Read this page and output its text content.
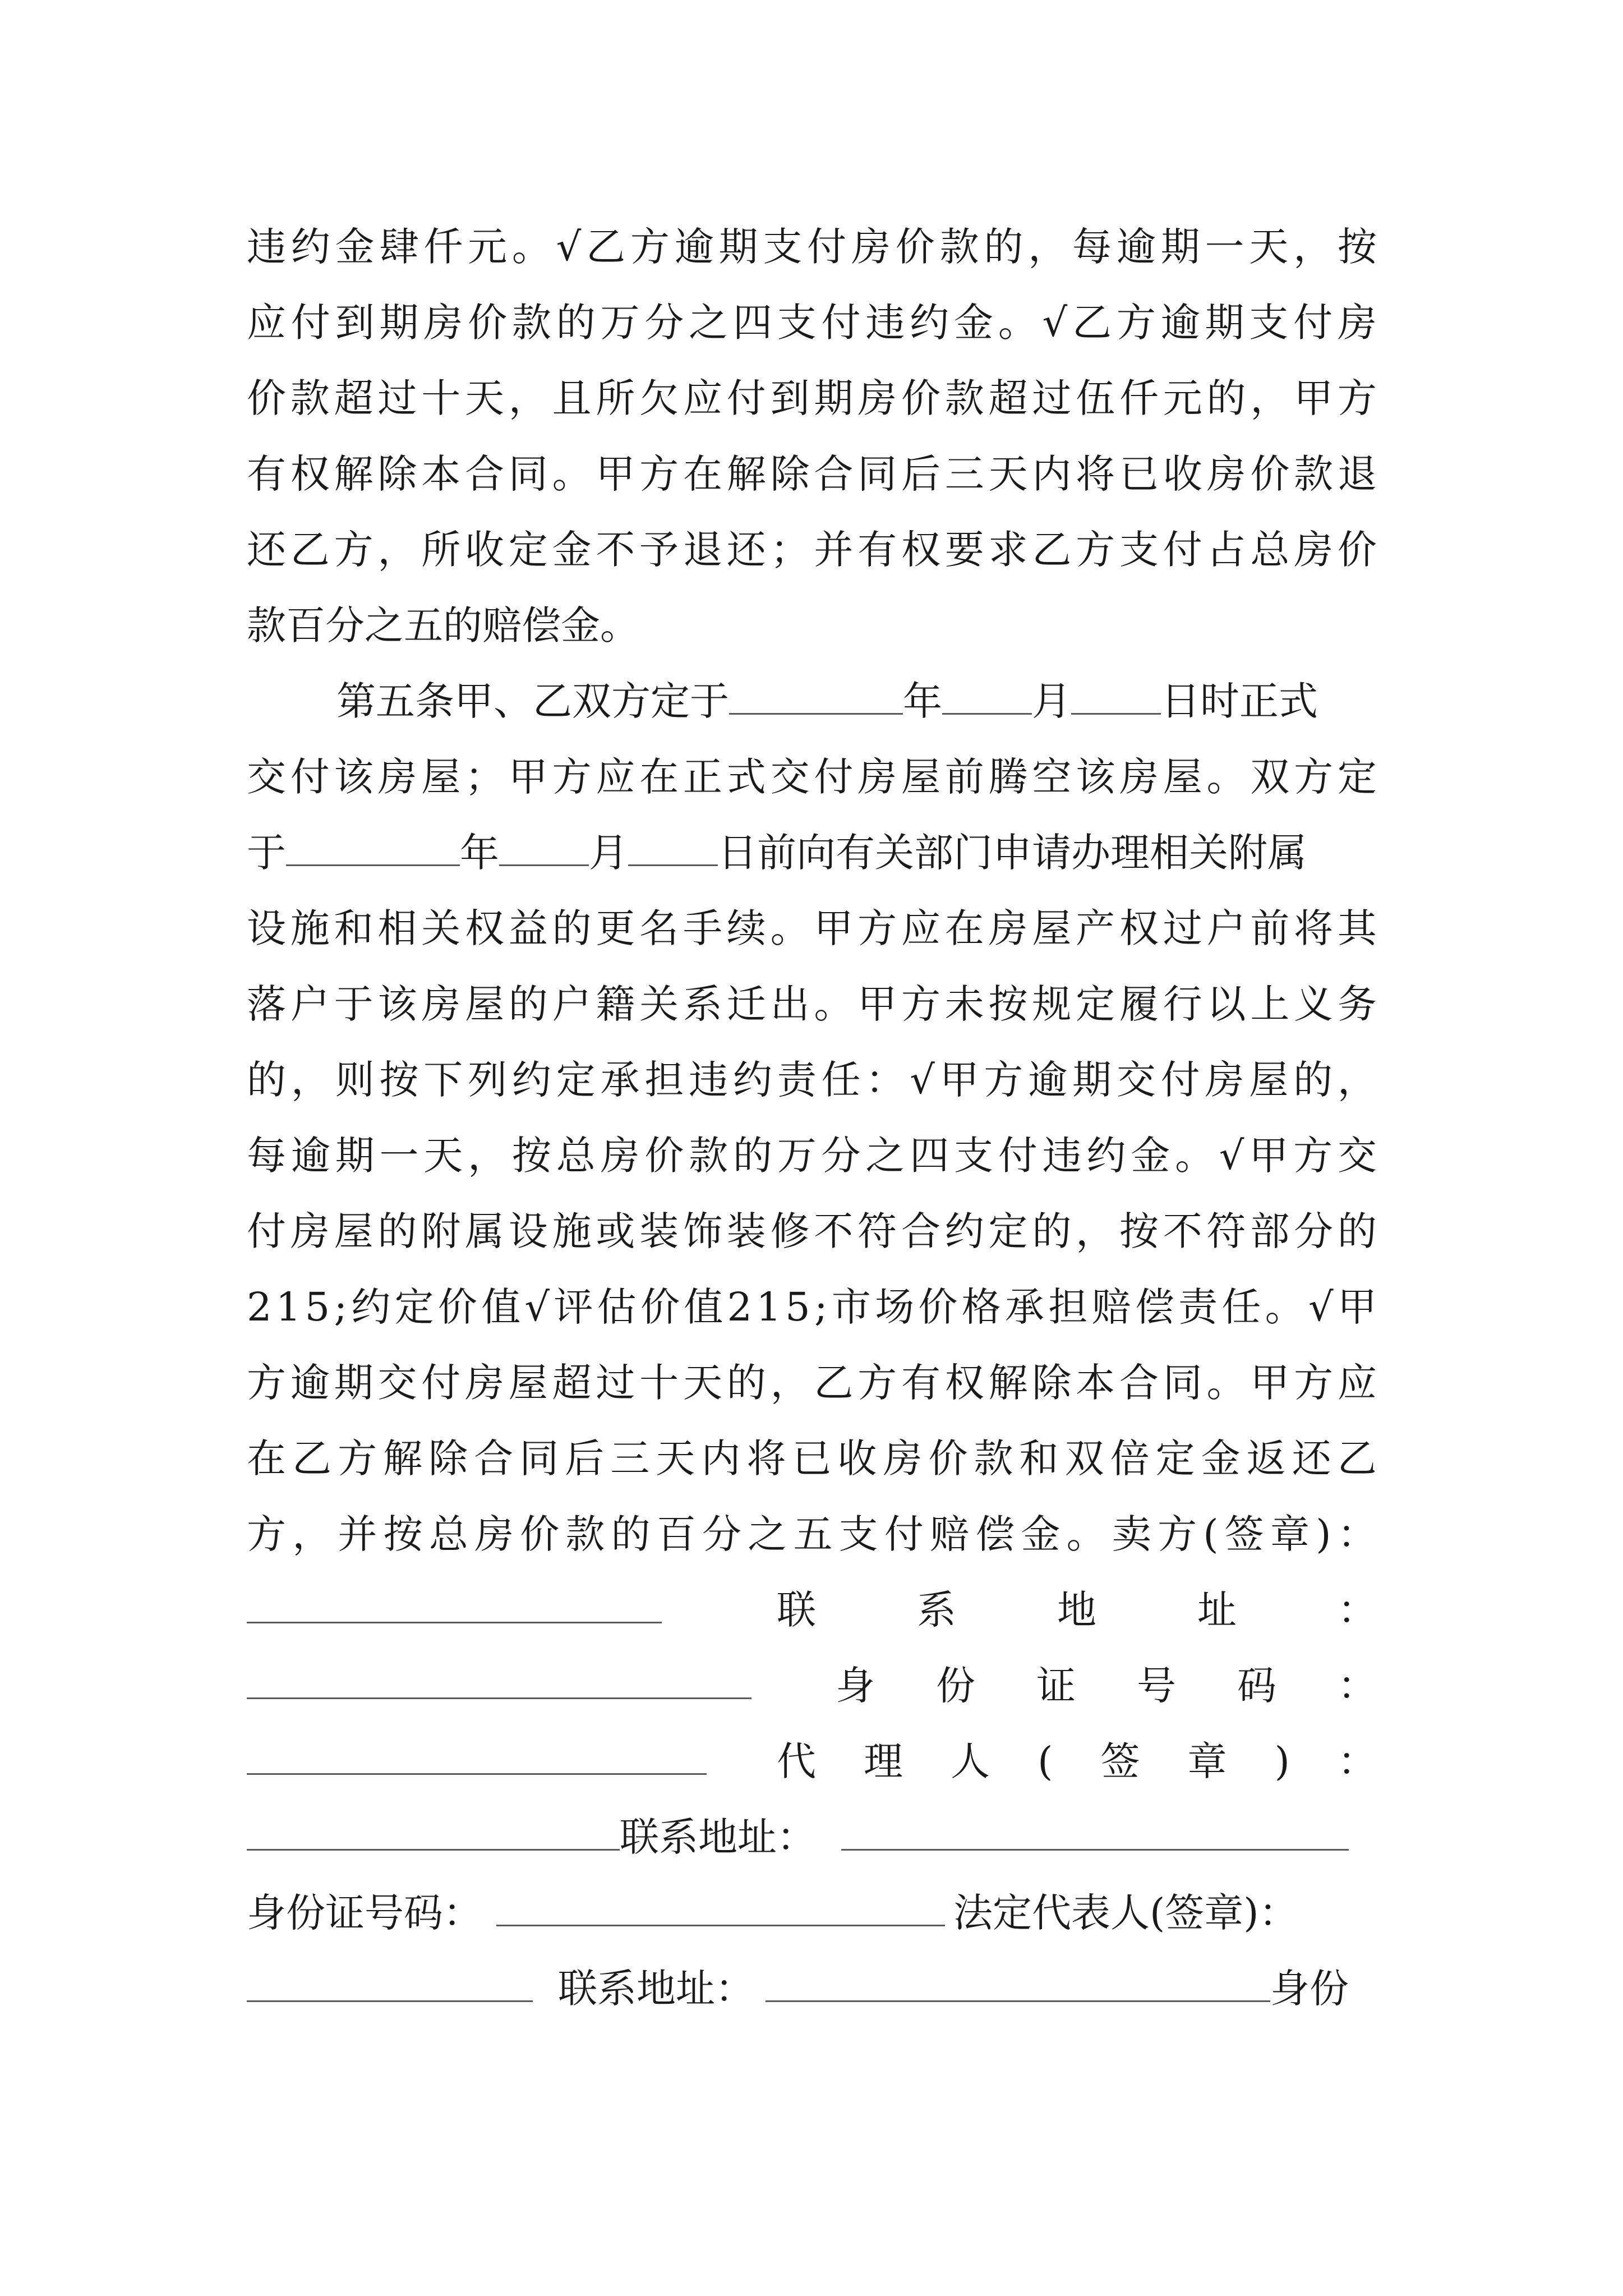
违 约 金 肆 仟 元 。 √ 乙 方 逾 期 支 付 房 价 款 的 ， 每 逾 期 一 天 ， 按
应 付 到 期 房 价 款 的 万 分 之 四 支 付 违 约 金 。 √ 乙 方 逾 期 支 付 房
价 款 超 过 十 天 ， 且 所 欠 应 付 到 期 房 价 款 超 过 伍 仟 元 的 ， 甲 方
有 权 解 除 本 合 同 。 甲 方 在 解 除 合 同 后 三 天 内 将 已 收 房 价 款 退
还 乙 方 ， 所 收 定 金 不 予 退 还 ； 并 有 权 要 求 乙 方 支 付 占 总 房 价
款百分之五的赔偿金。
第五条甲、乙双方定于	年 月 日时正式
交 付 该 房 屋 ； 甲 方 应 在 正 式 交 付 房 屋 前 腾 空 该 房 屋 。 双 方 定
于	年 月 日前向有关部门申请办理相关附属
设 施 和 相 关 权 益 的 更 名 手 续 。 甲 方 应 在 房 屋 产 权 过 户 前 将 其
落 户 于 该 房 屋 的 户 籍 关 系 迁 出 。 甲 方 未 按 规 定 履 行 以 上 义 务
的 ， 则 按 下 列 约 定 承 担 违 约 责 任 ： √ 甲 方 逾 期 交 付 房 屋 的 ，
每 逾 期 一 天 ， 按 总 房 价 款 的 万 分 之 四 支 付 违 约 金 。 √ 甲 方 交
付 房 屋 的 附 属 设 施 或 装 饰 装 修 不 符 合 约 定 的 ， 按 不 符 部 分 的
2 1 5 ; 约 定 价 值 √ 评 估 价 值 2 1 5 ; 市 场 价 格 承 担 赔 偿 责 任 。 √ 甲
方 逾 期 交 付 房 屋 超 过 十 天 的 ， 乙 方 有 权 解 除 本 合 同 。 甲 方 应
在 乙 方 解 除 合 同 后 三 天 内 将 已 收 房 价 款 和 双 倍 定 金 返 还 乙
方 ， 并 按 总 房 价 款 的 百 分 之 五 支 付 赔 偿 金 。 卖 方 ( 签 章 ) ：
联	系	地	址	：
身 份 证 号 码 ：
代 理 人 ( 签 章 ) ：
联系地址：
身份证号码：	法定代表人(签章)：
联系地址：	身份
